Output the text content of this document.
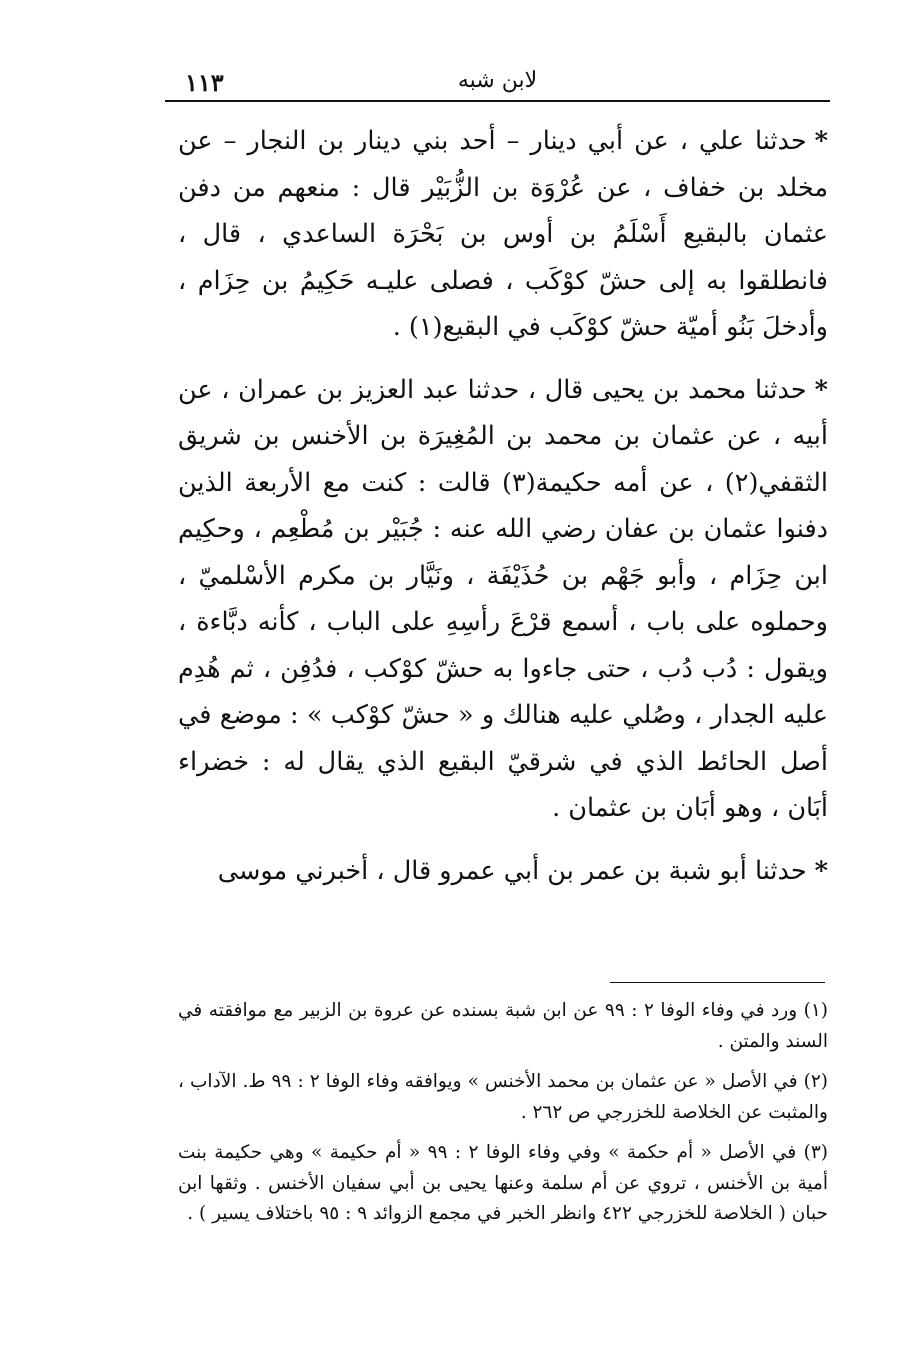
لابن شبه
١١٣

*حدثنا علي ، عن أبي دينار – أحد بني دينار بن النجار – عن مخلد بن خفاف ، عن عُرْوَة بن الزُّبَيْر قال : منعهم من دفن عثمان بالبقيع أَسْلَمُ بن أوس بن بَحْرَة الساعدي ، قال ، فانطلقوا به إلى حشّ كوْكَب ، فصلى عليـه حَكِيمُ بن حِزَام ، وأدخلَ بَنُو أميّة حشّ كوْكَب في البقيع(١) .

*حدثنا محمد بن يحيى قال ، حدثنا عبد العزيز بن عمران ، عن أبيه ، عن عثمان بن محمد بن المُغِيرَة بن الأخنس بن شريق الثقفي(٢) ، عن أمه حكيمة(٣) قالت : كنت مع الأربعة الذين دفنوا عثمان بن عفان رضي الله عنه : جُبَيْر بن مُطْعِم ، وحكِيم ابن حِزَام ، وأبو جَهْم بن حُذَيْفَة ، ونَيَّار بن مكرم الأسْلميّ ، وحملوه على باب ، أسمع قرْعَ رأسِهِ على الباب ، كأنه دبَّاءة ، ويقول : دُب دُب ، حتى جاءوا به حشّ كوْكب ، فدُفِن ، ثم هُدِم عليه الجدار ، وصُلي عليه هنالك و « حشّ كوْكب » : موضع في أصل الحائط الذي في شرقيّ البقيع الذي يقال له : خضراء أبَان ، وهو أبَان بن عثمان .

*حدثنا أبو شبة بن عمر بن أبي عمرو قال ، أخبرني موسى

(١) ورد في وفاء الوفا ٢ : ٩٩ عن ابن شبة بسنده عن عروة بن الزبير مع موافقته في السند والمتن .

(٢) في الأصل « عن عثمان بن محمد الأخنس » ويوافقه وفاء الوفا ٢ : ٩٩ ط. الآداب ، والمثبت عن الخلاصة للخزرجي ص ٢٦٢ .

(٣) في الأصل « أم حكمة » وفي وفاء الوفا ٢ : ٩٩ « أم حكيمة » وهي حكيمة بنت أمية بن الأخنس ، تروي عن أم سلمة وعنها يحيى بن أبي سفيان الأخنس . وثقها ابن حبان ( الخلاصة للخزرجي ٤٢٢ وانظر الخبر في مجمع الزوائد ٩ : ٩٥ باختلاف يسير ) .
